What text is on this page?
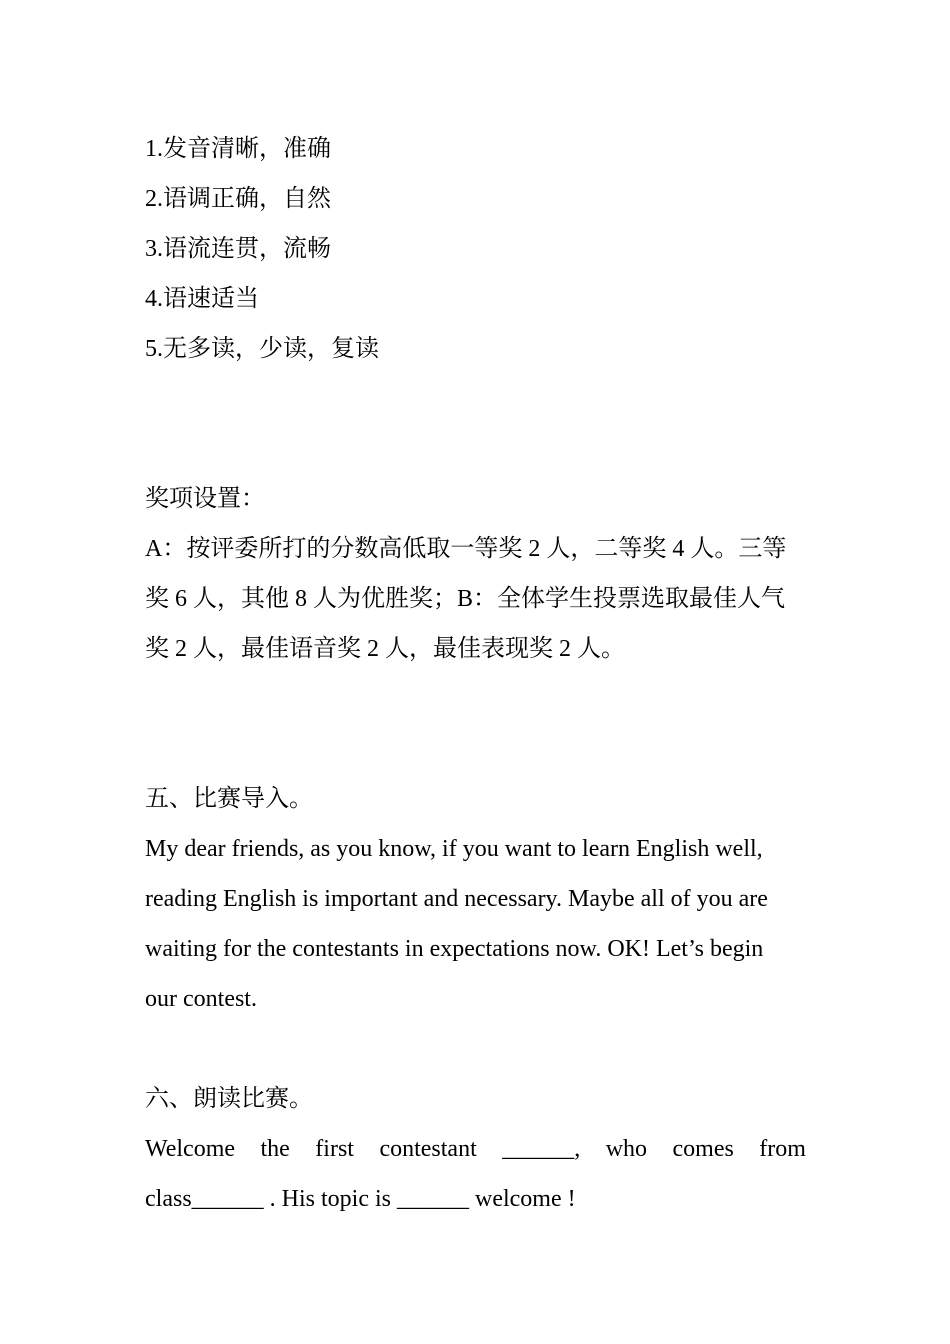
1.发音清晰，准确
2.语调正确，自然
3.语流连贯，流畅
4.语速适当
5.无多读，少读，复读
奖项设置：
A：按评委所打的分数高低取一等奖 2 人，二等奖 4 人。三等
奖 6 人，其他 8 人为优胜奖；B：全体学生投票选取最佳人气
奖 2 人，最佳语音奖 2 人，最佳表现奖 2 人。
五、比赛导入。
My dear friends, as you know, if you want to learn English well,
reading English is important and necessary. Maybe all of you are
waiting for the contestants in expectations now. OK! Let’s begin
our contest.
六、朗读比赛。
Welcome the first contestant ______, who comes from
class______ . His topic is ______ welcome !
